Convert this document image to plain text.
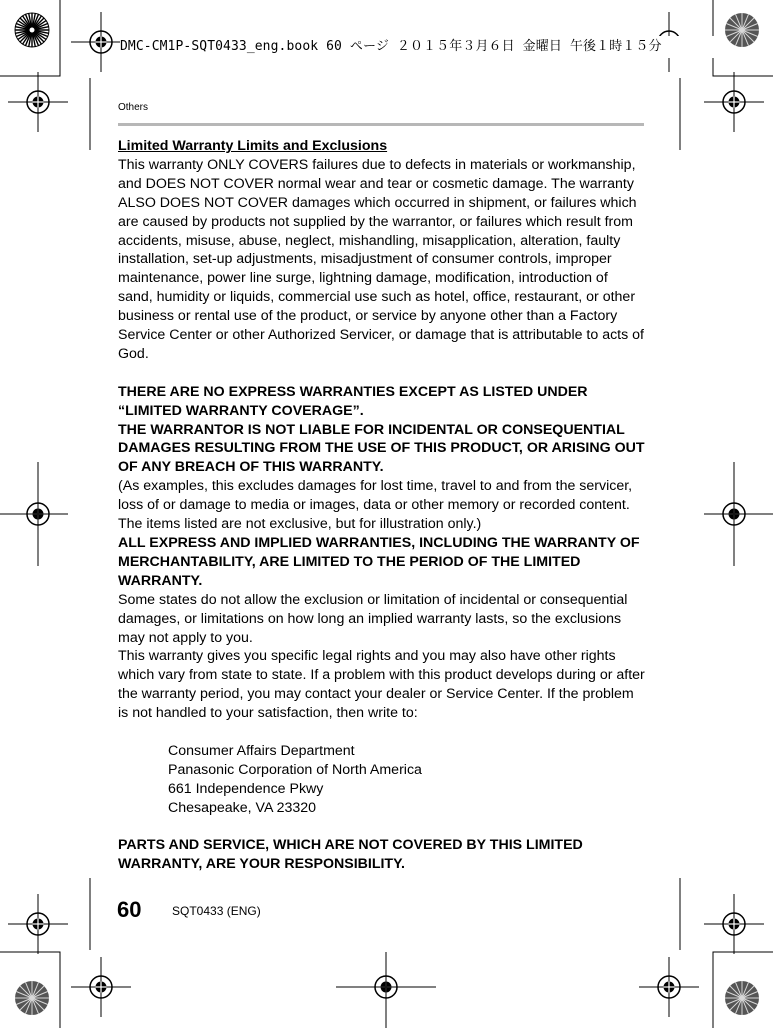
DMC-CM1P-SQT0433_eng.book 60 ページ ２０１５年３月６日 金曜日 午後１時１５分
Others

Limited Warranty Limits and Exclusions

This warranty ONLY COVERS failures due to defects in materials or workmanship, and DOES NOT COVER normal wear and tear or cosmetic damage. The warranty ALSO DOES NOT COVER damages which occurred in shipment, or failures which are caused by products not supplied by the warrantor, or failures which result from accidents, misuse, abuse, neglect, mishandling, misapplication, alteration, faulty installation, set-up adjustments, misadjustment of consumer controls, improper maintenance, power line surge, lightning damage, modification, introduction of sand, humidity or liquids, commercial use such as hotel, office, restaurant, or other business or rental use of the product, or service by anyone other than a Factory Service Center or other Authorized Servicer, or damage that is attributable to acts of God.

THERE ARE NO EXPRESS WARRANTIES EXCEPT AS LISTED UNDER “LIMITED WARRANTY COVERAGE”.

THE WARRANTOR IS NOT LIABLE FOR INCIDENTAL OR CONSEQUENTIAL DAMAGES RESULTING FROM THE USE OF THIS PRODUCT, OR ARISING OUT OF ANY BREACH OF THIS WARRANTY.

(As examples, this excludes damages for lost time, travel to and from the servicer, loss of or damage to media or images, data or other memory or recorded content. The items listed are not exclusive, but for illustration only.)

ALL EXPRESS AND IMPLIED WARRANTIES, INCLUDING THE WARRANTY OF MERCHANTABILITY, ARE LIMITED TO THE PERIOD OF THE LIMITED WARRANTY.

Some states do not allow the exclusion or limitation of incidental or consequential damages, or limitations on how long an implied warranty lasts, so the exclusions may not apply to you.

This warranty gives you specific legal rights and you may also have other rights which vary from state to state. If a problem with this product develops during or after the warranty period, you may contact your dealer or Service Center. If the problem is not handled to your satisfaction, then write to:

Consumer Affairs Department

Panasonic Corporation of North America

661 Independence Pkwy

Chesapeake, VA 23320

PARTS AND SERVICE, WHICH ARE NOT COVERED BY THIS LIMITED WARRANTY, ARE YOUR RESPONSIBILITY.

60	SQT0433 (ENG)
